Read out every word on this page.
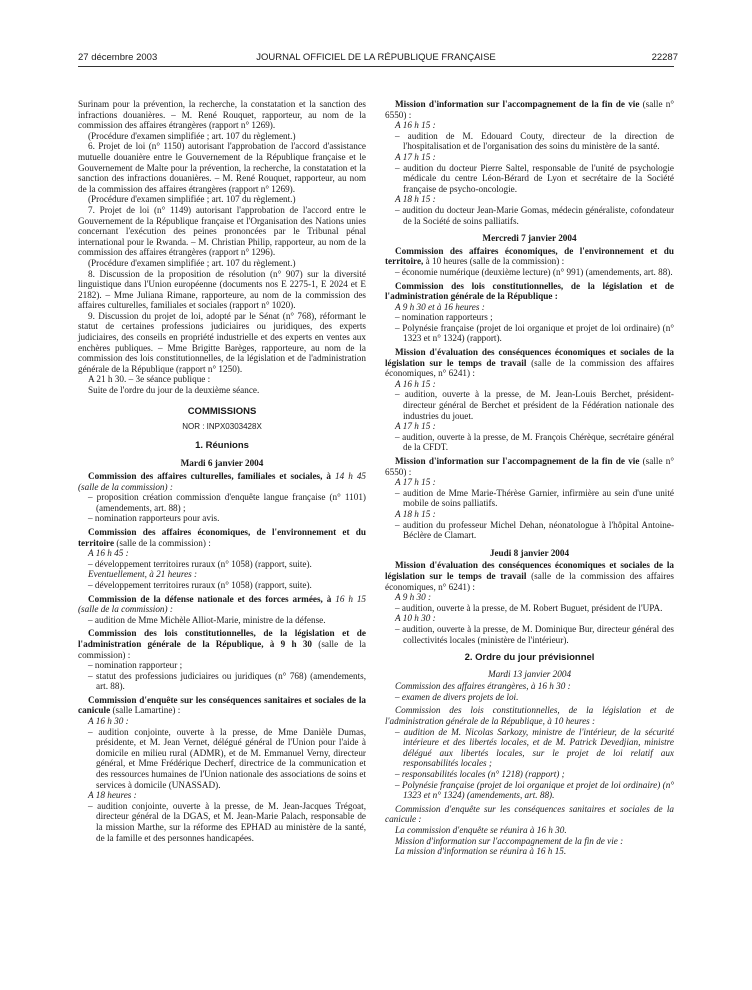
27 décembre 2003	JOURNAL OFFICIEL DE LA RÉPUBLIQUE FRANÇAISE	22287

Surinam pour la prévention, la recherche, la constatation et la sanction des infractions douanières. – M. René Rouquet, rapporteur, au nom de la commission des affaires étrangères (rapport n° 1269).

(Procédure d'examen simplifiée ; art. 107 du règlement.)

6. Projet de loi (n° 1150) autorisant l'approbation de l'accord d'assistance mutuelle douanière entre le Gouvernement de la République française et le Gouvernement de Malte pour la prévention, la recherche, la constatation et la sanction des infractions douanières. – M. René Rouquet, rapporteur, au nom de la commission des affaires étrangères (rapport n° 1269).

(Procédure d'examen simplifiée ; art. 107 du règlement.)

7. Projet de loi (n° 1149) autorisant l'approbation de l'accord entre le Gouvernement de la République française et l'Organisation des Nations unies concernant l'exécution des peines prononcées par le Tribunal pénal international pour le Rwanda. – M. Christian Philip, rapporteur, au nom de la commission des affaires étrangères (rapport n° 1296).

(Procédure d'examen simplifiée ; art. 107 du règlement.)

8. Discussion de la proposition de résolution (n° 907) sur la diversité linguistique dans l'Union européenne (documents nos E 2275-1, E 2024 et E 2182). – Mme Juliana Rimane, rapporteure, au nom de la commission des affaires culturelles, familiales et sociales (rapport n° 1020).

9. Discussion du projet de loi, adopté par le Sénat (n° 768), réformant le statut de certaines professions judiciaires ou juridiques, des experts judiciaires, des conseils en propriété industrielle et des experts en ventes aux enchères publiques. – Mme Brigitte Barèges, rapporteure, au nom de la commission des lois constitutionnelles, de la législation et de l'administration générale de la République (rapport n° 1250).

A 21 h 30. – 3e séance publique :

Suite de l'ordre du jour de la deuxième séance.

COMMISSIONS

NOR : INPX0303428X

1. Réunions

Mardi 6 janvier 2004

Commission des affaires culturelles, familiales et sociales, à 14 h 45 (salle de la commission) :

– proposition création commission d'enquête langue française (n° 1101) (amendements, art. 88) ;

– nomination rapporteurs pour avis.

Commission des affaires économiques, de l'environnement et du territoire (salle de la commission) :

A 16 h 45 :

– développement territoires ruraux (n° 1058) (rapport, suite).

Eventuellement, à 21 heures :

– développement territoires ruraux (n° 1058) (rapport, suite).

Commission de la défense nationale et des forces armées, à 16 h 15 (salle de la commission) :

– audition de Mme Michèle Alliot-Marie, ministre de la défense.

Commission des lois constitutionnelles, de la législation et de l'administration générale de la République, à 9 h 30 (salle de la commission) :

– nomination rapporteur ;

– statut des professions judiciaires ou juridiques (n° 768) (amendements, art. 88).

Commission d'enquête sur les conséquences sanitaires et sociales de la canicule (salle Lamartine) :

A 16 h 30 :

– audition conjointe, ouverte à la presse, de Mme Danièle Dumas, présidente, et M. Jean Vernet, délégué général de l'Union pour l'aide à domicile en milieu rural (ADMR), et de M. Emmanuel Verny, directeur général, et Mme Frédérique Decherf, directrice de la communication et des ressources humaines de l'Union nationale des associations de soins et services à domicile (UNASSAD).

A 18 heures :

– audition conjointe, ouverte à la presse, de M. Jean-Jacques Trégoat, directeur général de la DGAS, et M. Jean-Marie Palach, responsable de la mission Marthe, sur la réforme des EPHAD au ministère de la santé, de la famille et des personnes handicapées.

Mission d'information sur l'accompagnement de la fin de vie (salle n° 6550) :

A 16 h 15 :

– audition de M. Edouard Couty, directeur de la direction de l'hospitalisation et de l'organisation des soins du ministère de la santé.

A 17 h 15 :

– audition du docteur Pierre Saltel, responsable de l'unité de psychologie médicale du centre Léon-Bérard de Lyon et secrétaire de la Société française de psycho-oncologie.

A 18 h 15 :

– audition du docteur Jean-Marie Gomas, médecin généraliste, cofondateur de la Société de soins palliatifs.

Mercredi 7 janvier 2004

Commission des affaires économiques, de l'environnement et du territoire, à 10 heures (salle de la commission) :

– économie numérique (deuxième lecture) (n° 991) (amendements, art. 88).

Commission des lois constitutionnelles, de la législation et de l'administration générale de la République :

A 9 h 30 et à 16 heures :

– nomination rapporteurs ;

– Polynésie française (projet de loi organique et projet de loi ordinaire) (n° 1323 et n° 1324) (rapport).

Mission d'évaluation des conséquences économiques et sociales de la législation sur le temps de travail (salle de la commission des affaires économiques, n° 6241) :

A 16 h 15 :

– audition, ouverte à la presse, de M. Jean-Louis Berchet, président-directeur général de Berchet et président de la Fédération nationale des industries du jouet.

A 17 h 15 :

– audition, ouverte à la presse, de M. François Chérèque, secrétaire général de la CFDT.

Mission d'information sur l'accompagnement de la fin de vie (salle n° 6550) :

A 17 h 15 :

– audition de Mme Marie-Thérèse Garnier, infirmière au sein d'une unité mobile de soins palliatifs.

A 18 h 15 :

– audition du professeur Michel Dehan, néonatologue à l'hôpital Antoine-Béclère de Clamart.

Jeudi 8 janvier 2004

Mission d'évaluation des conséquences économiques et sociales de la législation sur le temps de travail (salle de la commission des affaires économiques, n° 6241) :

A 9 h 30 :

– audition, ouverte à la presse, de M. Robert Buguet, président de l'UPA.

A 10 h 30 :

– audition, ouverte à la presse, de M. Dominique Bur, directeur général des collectivités locales (ministère de l'intérieur).

2. Ordre du jour prévisionnel

Mardi 13 janvier 2004

Commission des affaires étrangères, à 16 h 30 :

– examen de divers projets de loi.

Commission des lois constitutionnelles, de la législation et de l'administration générale de la République, à 10 heures :

– audition de M. Nicolas Sarkozy, ministre de l'intérieur, de la sécurité intérieure et des libertés locales, et de M. Patrick Devedjian, ministre délégué aux libertés locales, sur le projet de loi relatif aux responsabilités locales ;

– responsabilités locales (n° 1218) (rapport) ;

– Polynésie française (projet de loi organique et projet de loi ordinaire) (n° 1323 et n° 1324) (amendements, art. 88).

Commission d'enquête sur les conséquences sanitaires et sociales de la canicule :

La commission d'enquête se réunira à 16 h 30.

Mission d'information sur l'accompagnement de la fin de vie :

La mission d'information se réunira à 16 h 15.
